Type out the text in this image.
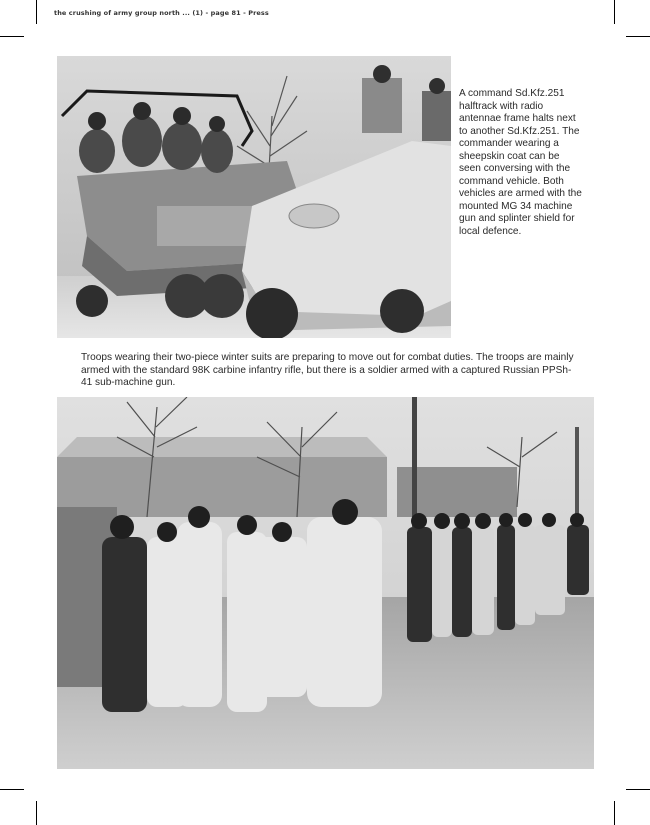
the crushing of army group north ... (1) - page 81 - Press
A command Sd.Kfz.251 halftrack with radio antennae frame halts next to another Sd.Kfz.251. The commander wearing a sheepskin coat can be seen conversing with the command vehicle. Both vehicles are armed with the mounted MG 34 machine gun and splinter shield for local defence.
Troops wearing their two-piece winter suits are preparing to move out for combat duties. The troops are mainly armed with the standard 98K carbine infantry rifle, but there is a soldier armed with a captured Russian PPSh-41 sub-machine gun.
